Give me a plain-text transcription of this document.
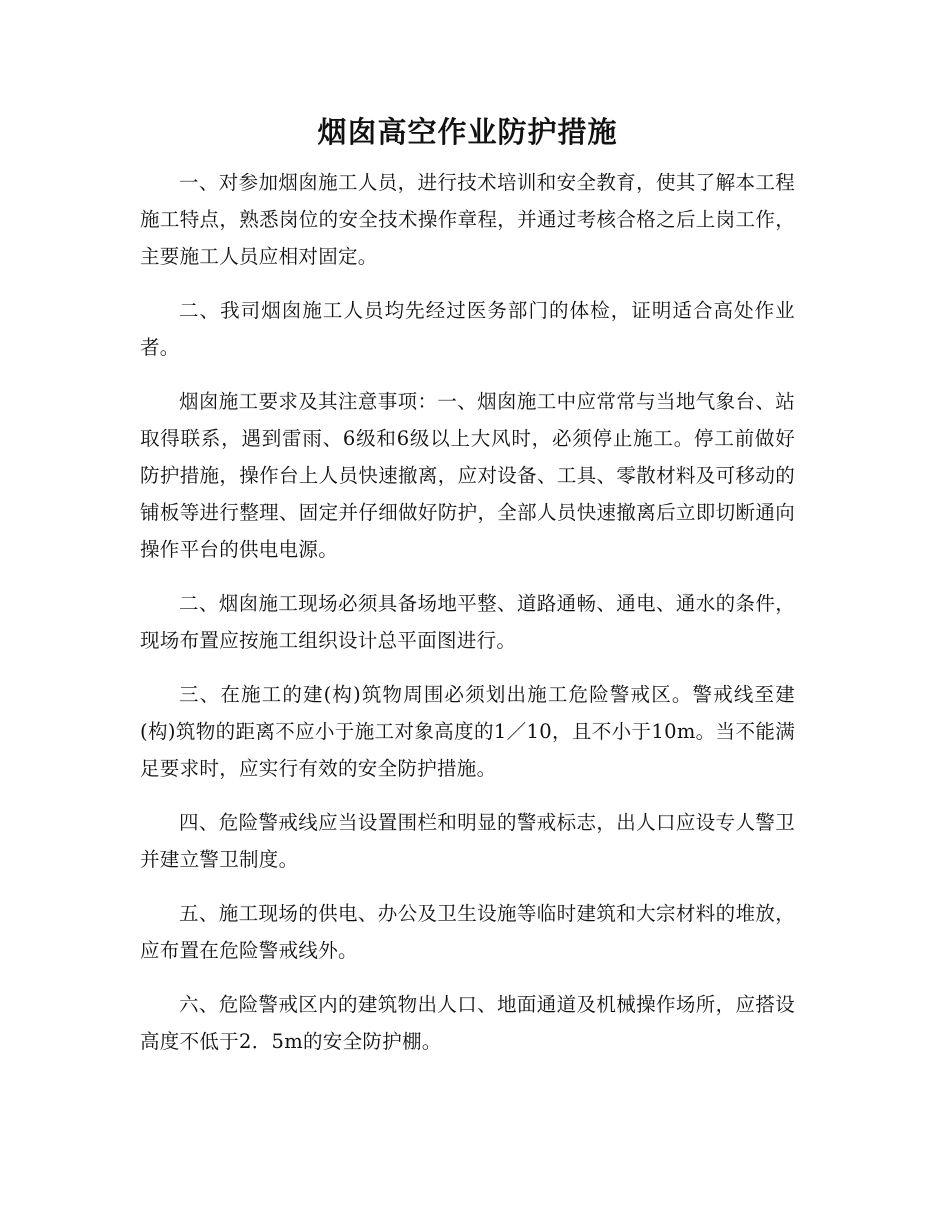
烟囱高空作业防护措施

一、对参加烟囱施工人员，进行技术培训和安全教育，使其了解本工程施工特点，熟悉岗位的安全技术操作章程，并通过考核合格之后上岗工作，主要施工人员应相对固定。

二、我司烟囱施工人员均先经过医务部门的体检，证明适合高处作业者。

烟囱施工要求及其注意事项：一、烟囱施工中应常常与当地气象台、站取得联系，遇到雷雨、6级和6级以上大风时，必须停止施工。停工前做好防护措施，操作台上人员快速撤离，应对设备、工具、零散材料及可移动的铺板等进行整理、固定并仔细做好防护，全部人员快速撤离后立即切断通向操作平台的供电电源。

二、烟囱施工现场必须具备场地平整、道路通畅、通电、通水的条件，现场布置应按施工组织设计总平面图进行。

三、在施工的建(构)筑物周围必须划出施工危险警戒区。警戒线至建(构)筑物的距离不应小于施工对象高度的1／10，且不小于10m。当不能满足要求时，应实行有效的安全防护措施。

四、危险警戒线应当设置围栏和明显的警戒标志，出人口应设专人警卫并建立警卫制度。

五、施工现场的供电、办公及卫生设施等临时建筑和大宗材料的堆放，应布置在危险警戒线外。

六、危险警戒区内的建筑物出人口、地面通道及机械操作场所，应搭设高度不低于2．5m的安全防护棚。
